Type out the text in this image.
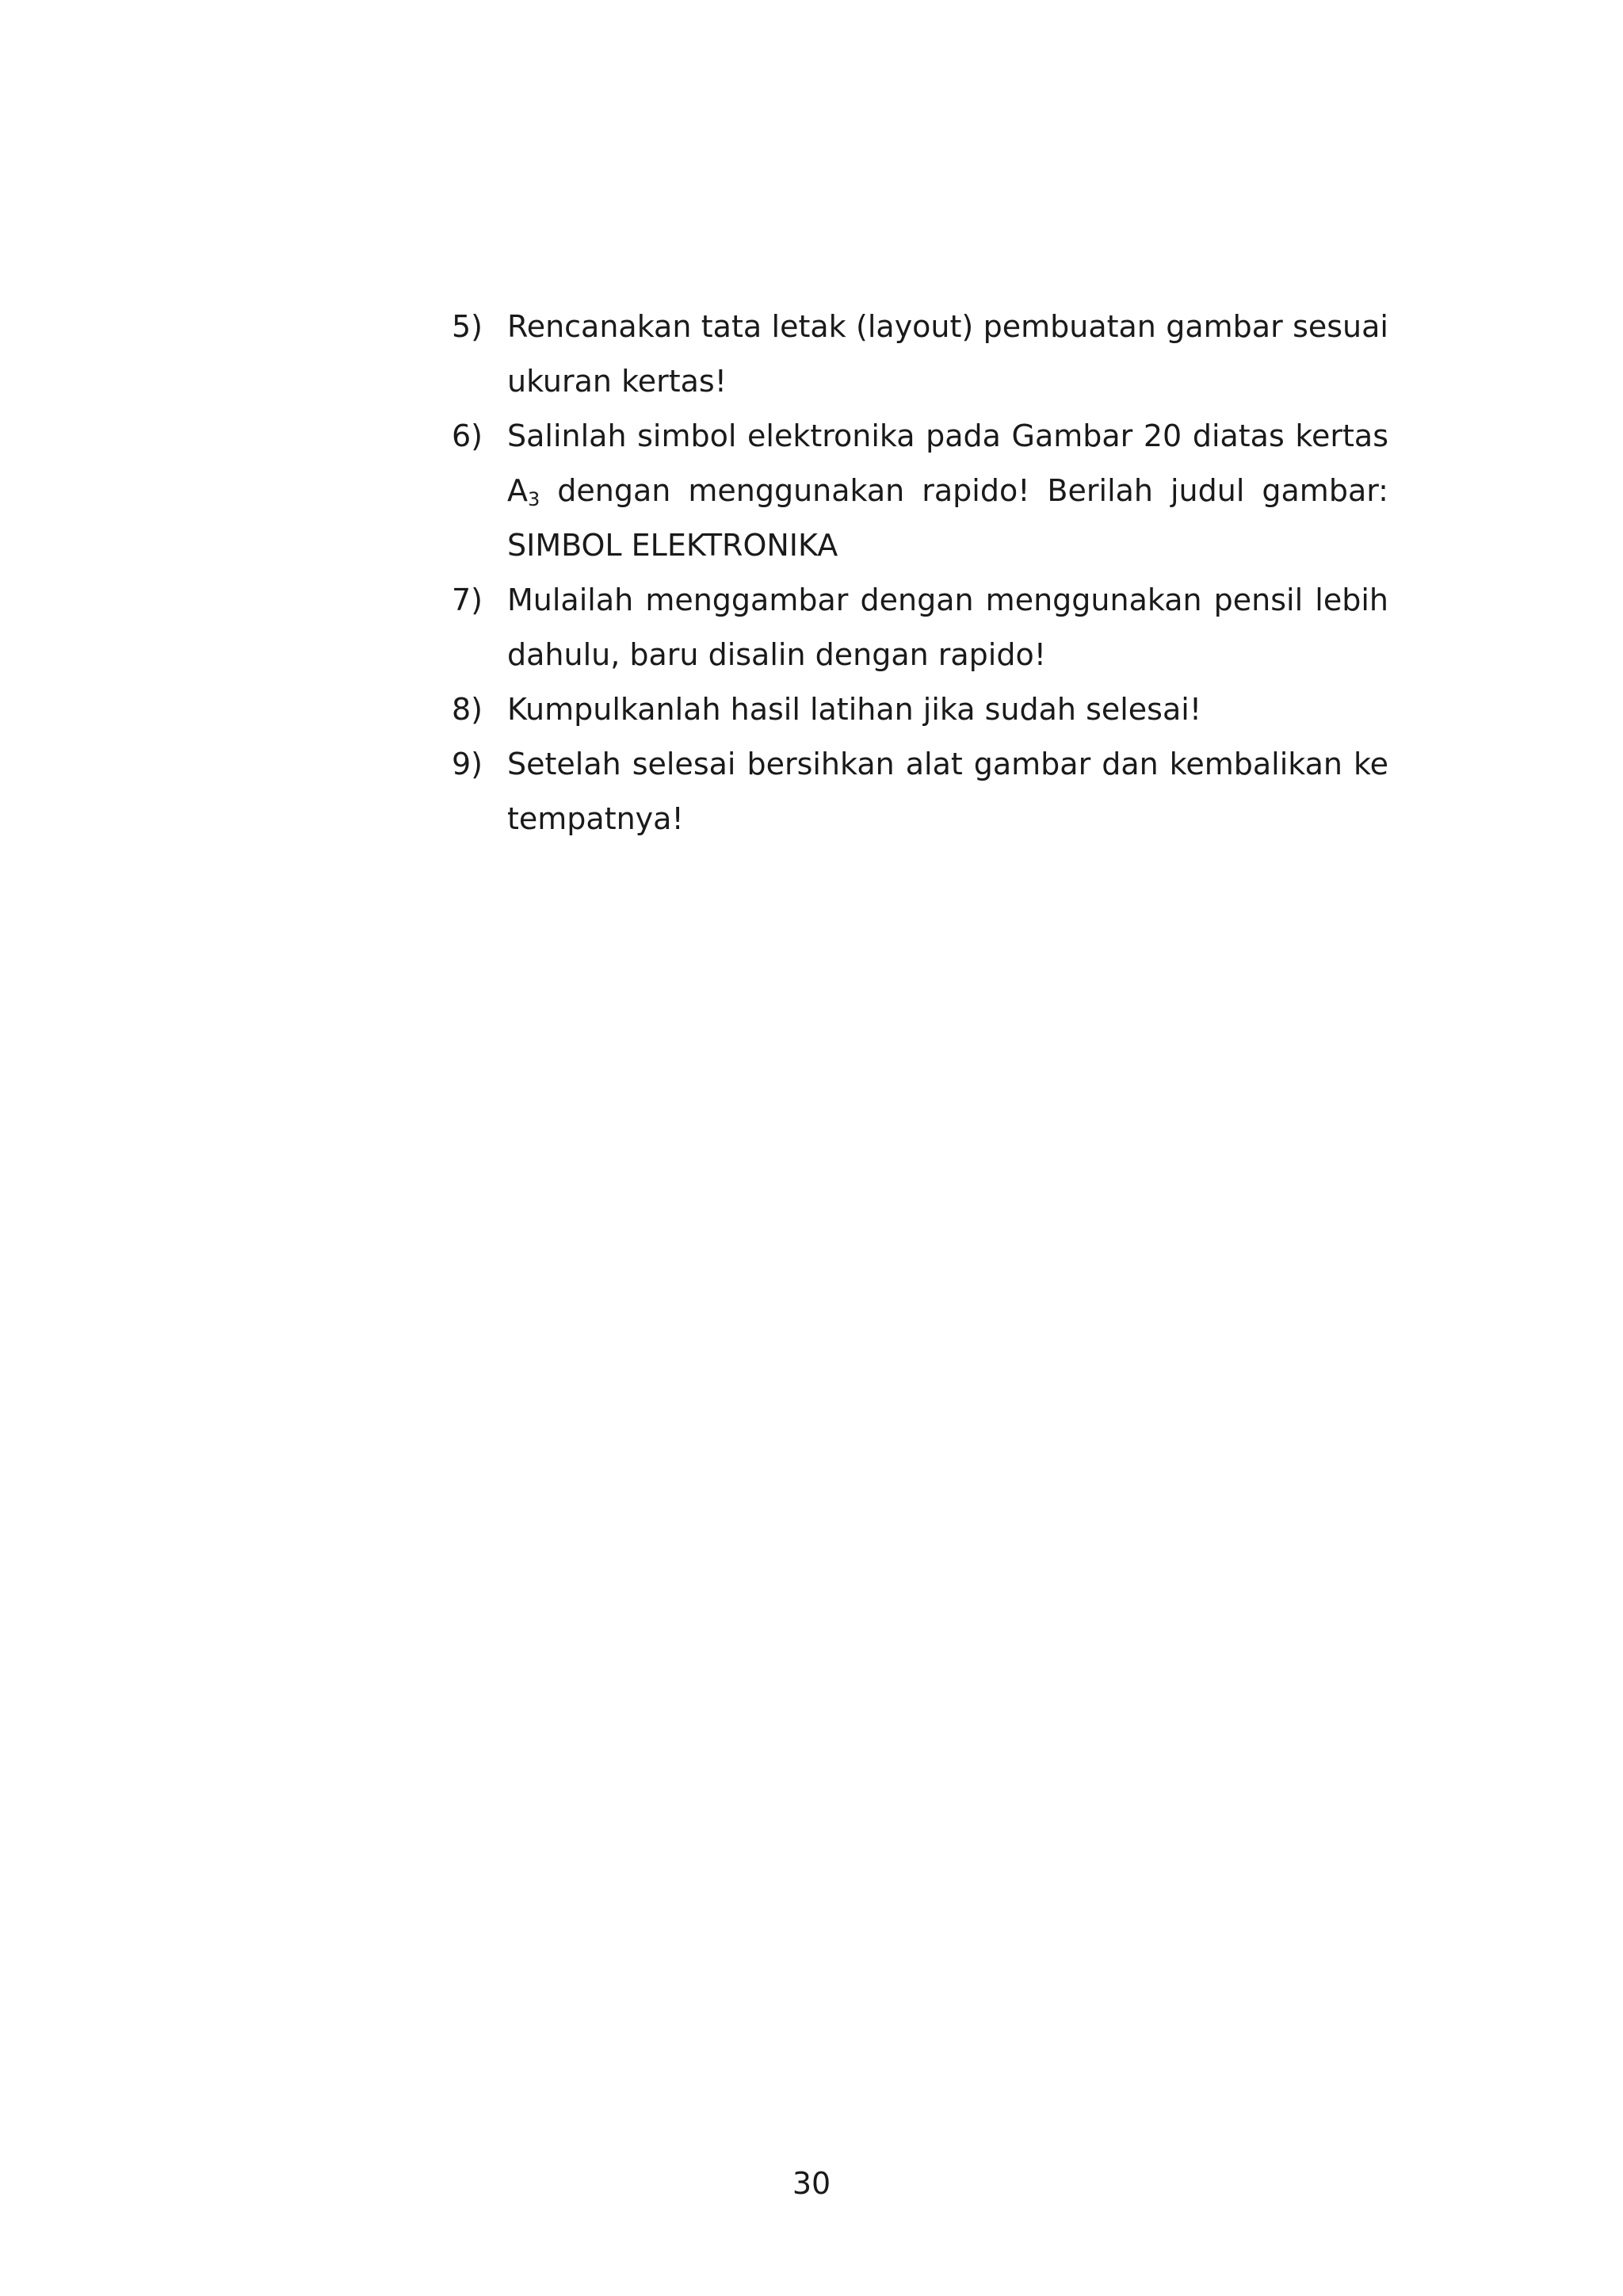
5) Rencanakan tata letak (layout) pembuatan gambar sesuai ukuran kertas!
6) Salinlah simbol elektronika pada Gambar 20 diatas kertas $A_3$ dengan menggunakan rapido! Berilah judul gambar: SIMBOL ELEKTRONIKA
7) Mulailah menggambar dengan menggunakan pensil lebih dahulu, baru disalin dengan rapido!
8) Kumpulkanlah hasil latihan jika sudah selesai!
9) Setelah selesai bersihkan alat gambar dan kembalikan ke tempatnya!
30
